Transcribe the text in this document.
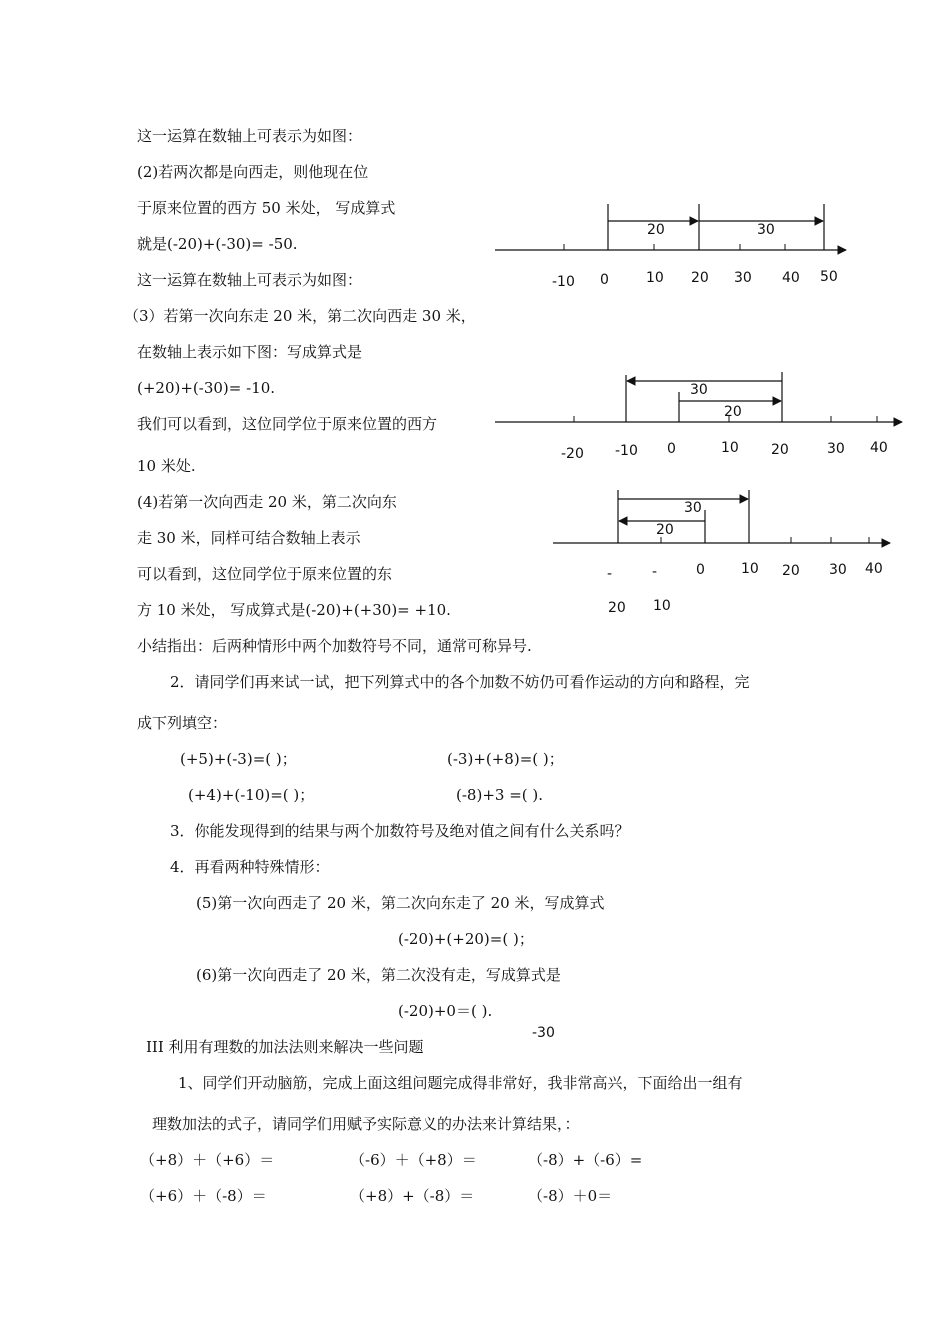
这一运算在数轴上可表示为如图：
(2)若两次都是向西走，则他现在位
于原来位置的西方 50 米处， 写成算式
就是(-20)+(-30)= -50.
这一运算在数轴上可表示为如图：
（3）若第一次向东走 20 米，第二次向西走 30 米，
在数轴上表示如下图：写成算式是
(+20)+(-30)= -10.
我们可以看到，这位同学位于原来位置的西方
10 米处.
(4)若第一次向西走 20 米，第二次向东
走 30 米，同样可结合数轴上表示
可以看到，这位同学位于原来位置的东
方 10 米处， 写成算式是(-20)+(+30)= +10.
小结指出：后两种情形中两个加数符号不同，通常可称异号.
2．请同学们再来试一试，把下列算式中的各个加数不妨仍可看作运动的方向和路程，完
成下列填空：
(+5)+(-3)=( )；	(-3)+(+8)=( )；
(+4)+(-10)=( )；	(-8)+3 =( ).
3．你能发现得到的结果与两个加数符号及绝对值之间有什么关系吗？
4．再看两种特殊情形：
(5)第一次向西走了 20 米，第二次向东走了 20 米，写成算式
(-20)+(+20)=( )；
(6)第一次向西走了 20 米，第二次没有走，写成算式是
(-20)+0＝( ).
-30
III 利用有理数的加法法则来解决一些问题
1、同学们开动脑筋，完成上面这组问题完成得非常好，我非常高兴，下面给出一组有
理数加法的式子，请同学们用赋予实际意义的办法来计算结果，：
（+8）＋（+6）＝	（-6）＋（+8）＝	（-8）+（-6）=
（+6）＋（-8）＝	（+8）+（-8）＝	（-8）＋0＝
20	30
-10 0	10 20 30 40 50
30
20
-20 -10 0	10 20	30 40
30
20
-	-	0	10 20 30 40
20 10
